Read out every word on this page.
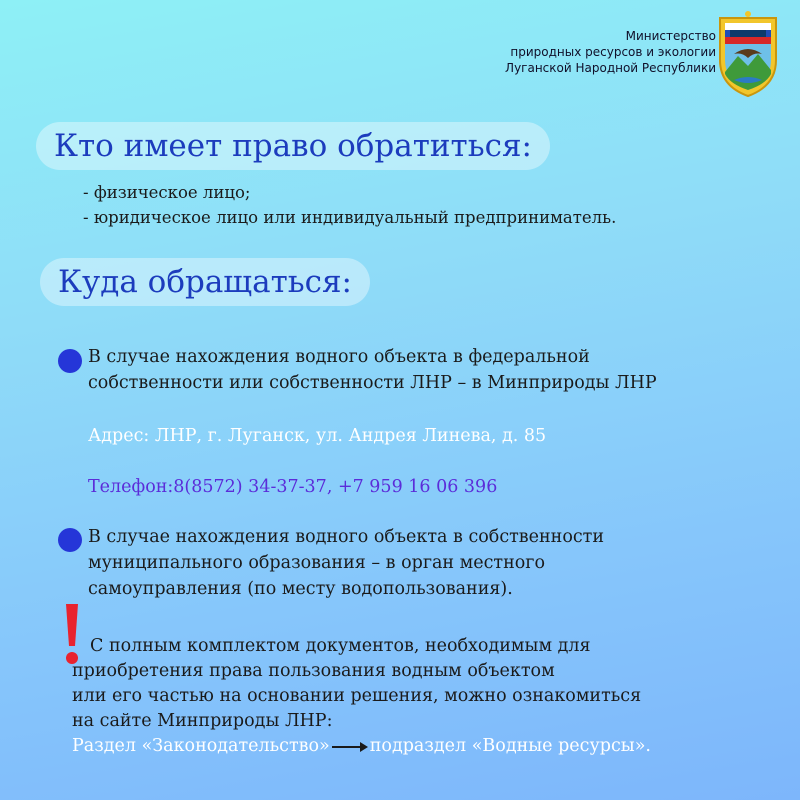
Министерство
природных ресурсов и экологии
Луганской Народной Республики
Кто имеет право обратиться:
- физическое лицо;
- юридическое лицо или индивидуальный предприниматель.
Куда обращаться:
В случае нахождения водного объекта в федеральной
собственности или собственности ЛНР – в Минприроды ЛНР
Адрес: ЛНР, г. Луганск, ул. Андрея Линева, д. 85
Телефон:8(8572) 34-37-37, +7 959 16 06 396
В случае нахождения водного объекта в собственности
муниципального образования – в орган местного
самоуправления (по месту водопользования).
С полным комплектом документов, необходимым для
приобретения права пользования водным объектом
или его частью на основании решения, можно ознакомиться
на сайте Минприроды ЛНР:
Раздел «Законодательство» подраздел «Водные ресурсы».
